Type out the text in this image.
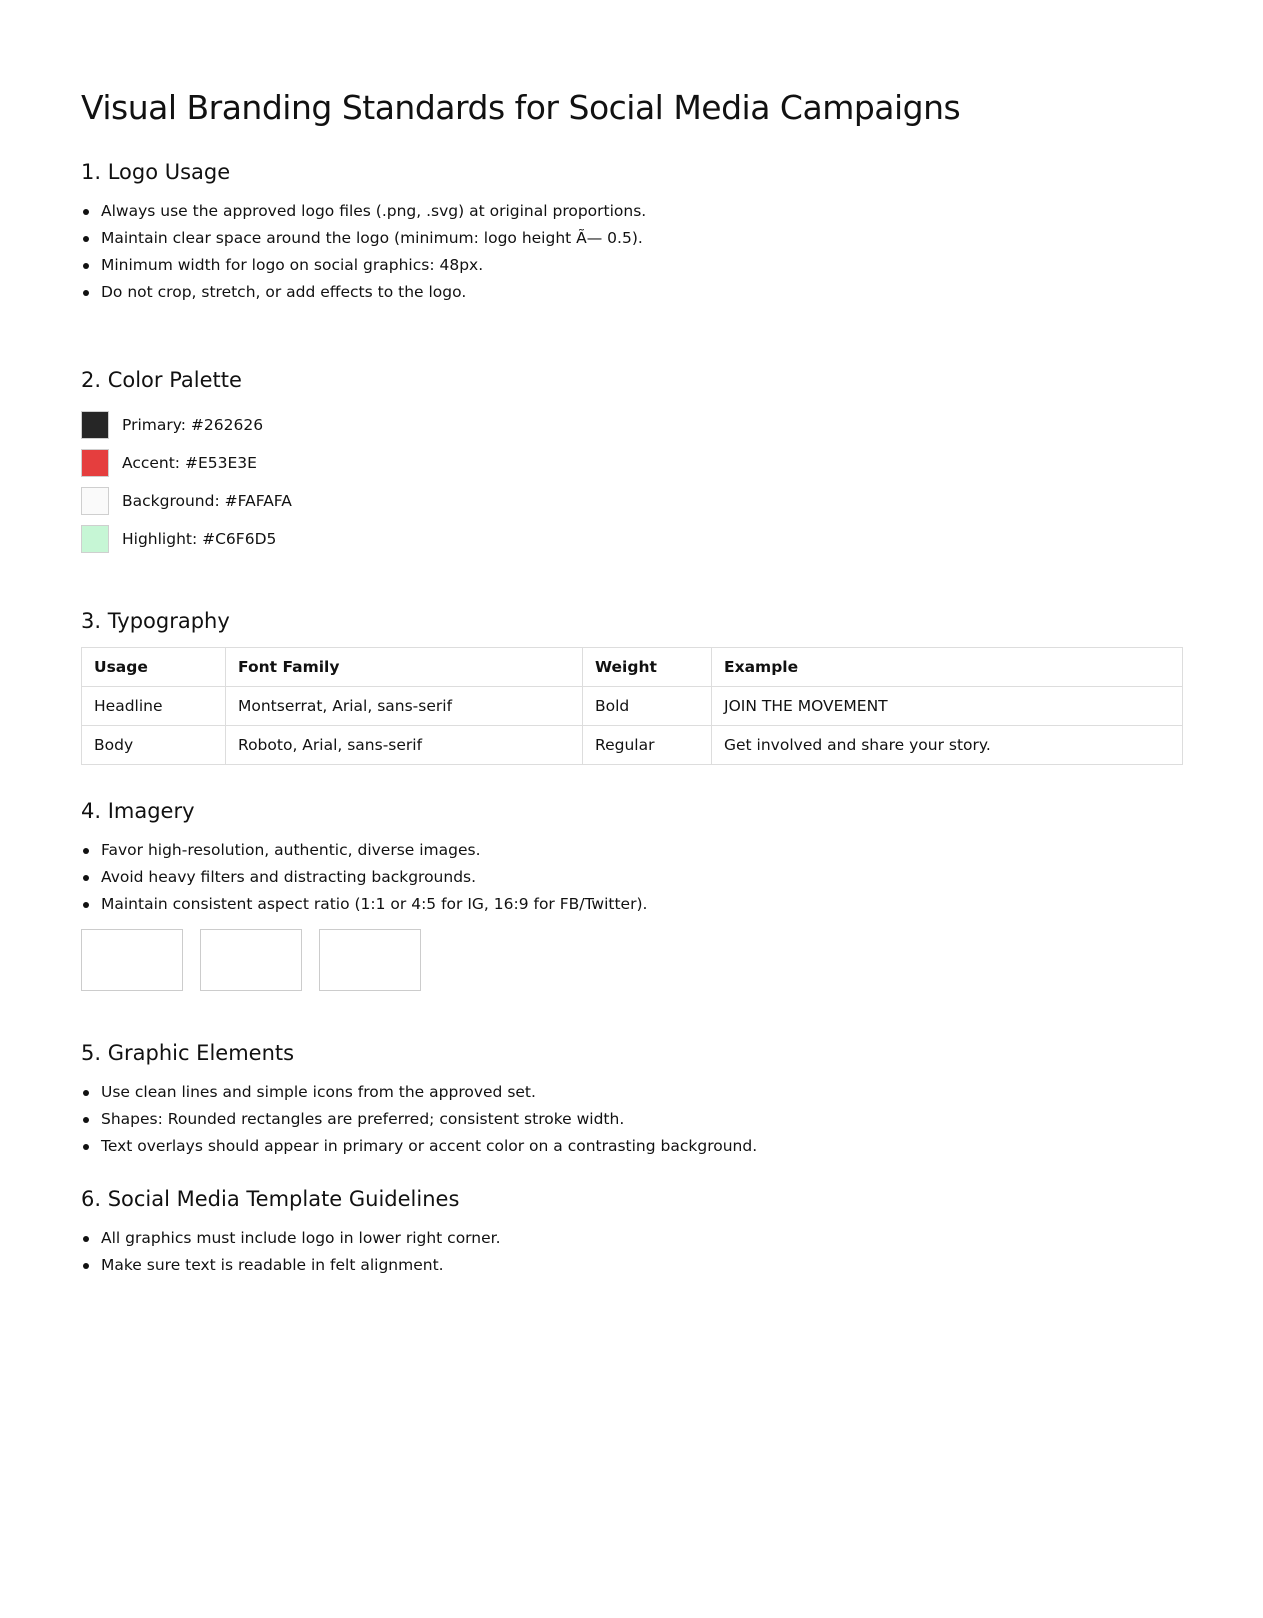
Visual Branding Standards for Social Media Campaigns
1. Logo Usage
Always use the approved logo files (.png, .svg) at original proportions.
Maintain clear space around the logo (minimum: logo height Ã— 0.5).
Minimum width for logo on social graphics: 48px.
Do not crop, stretch, or add effects to the logo.
2. Color Palette
Primary: #262626
Accent: #E53E3E
Background: #FAFAFA
Highlight: #C6F6D5
3. Typography
Usage	Font Family	Weight	Example
Headline	Montserrat, Arial, sans-serif	Bold	JOIN THE MOVEMENT
Body	Roboto, Arial, sans-serif	Regular	Get involved and share your story.
4. Imagery
Favor high-resolution, authentic, diverse images.
Avoid heavy filters and distracting backgrounds.
Maintain consistent aspect ratio (1:1 or 4:5 for IG, 16:9 for FB/Twitter).
5. Graphic Elements
Use clean lines and simple icons from the approved set.
Shapes: Rounded rectangles are preferred; consistent stroke width.
Text overlays should appear in primary or accent color on a contrasting background.
6. Social Media Template Guidelines
All graphics must include logo in lower right corner.
Make sure text is readable in felt alignment.
